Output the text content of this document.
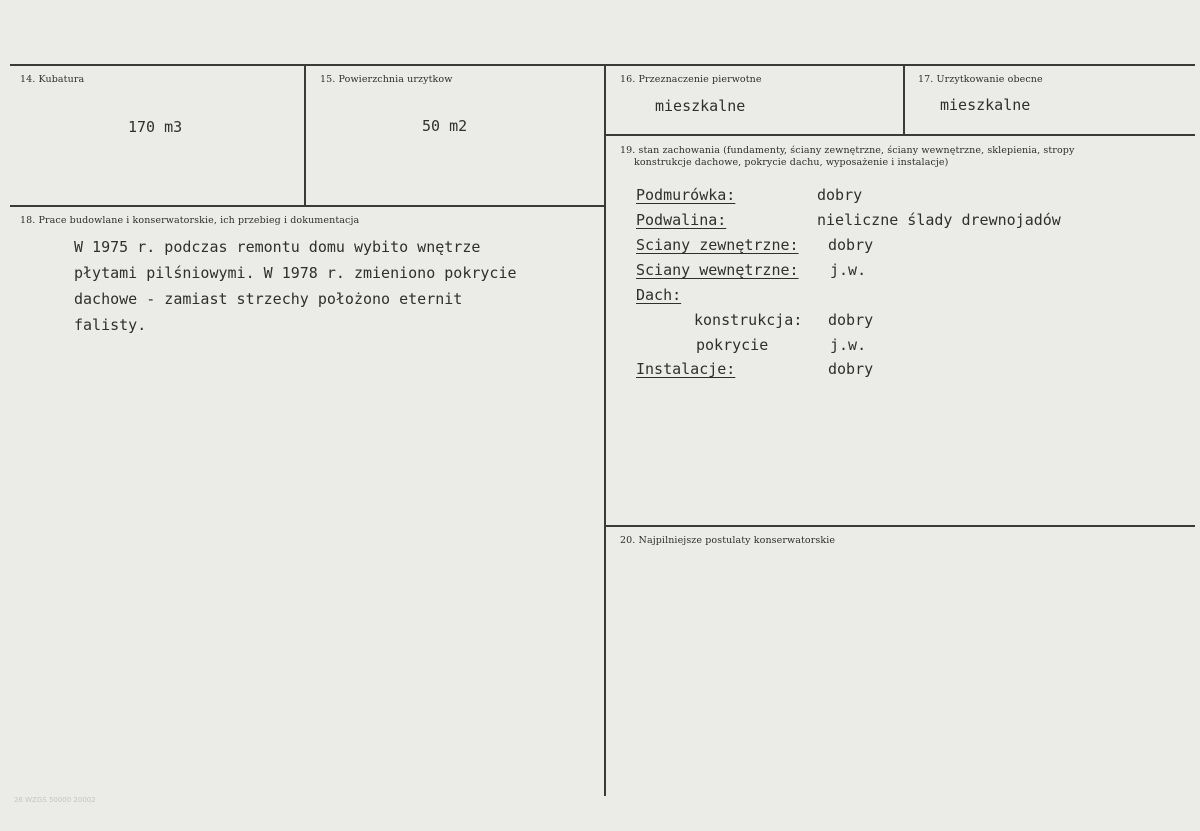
14. Kubatura
170 m3
15. Powierzchnia urzytkow
50 m2
16. Przeznaczenie pierwotne
mieszkalne
17. Urzytkowanie obecne
mieszkalne
18. Prace budowlane i konserwatorskie, ich przebieg i dokumentacja
W 1975 r. podczas remontu domu wybito wnętrze
płytami pilśniowymi. W 1978 r. zmieniono pokrycie
dachowe - zamiast strzechy położono eternit
falisty.
19. stan zachowania (fundamenty, ściany zewnętrzne, ściany wewnętrzne, sklepienia, stropy
konstrukcje dachowe, pokrycie dachu, wyposażenie i instalacje)
Podmurówka:	dobry
Podwalina:	nieliczne ślady drewnojadów
Sciany zewnętrzne: dobry
Sciany wewnętrzne: j.w.
Dach:
konstrukcja: dobry
pokrycie	j.w.
Instalacje:	dobry
20. Najpilniejsze postulaty konserwatorskie
26 WZGS 50000 20002
